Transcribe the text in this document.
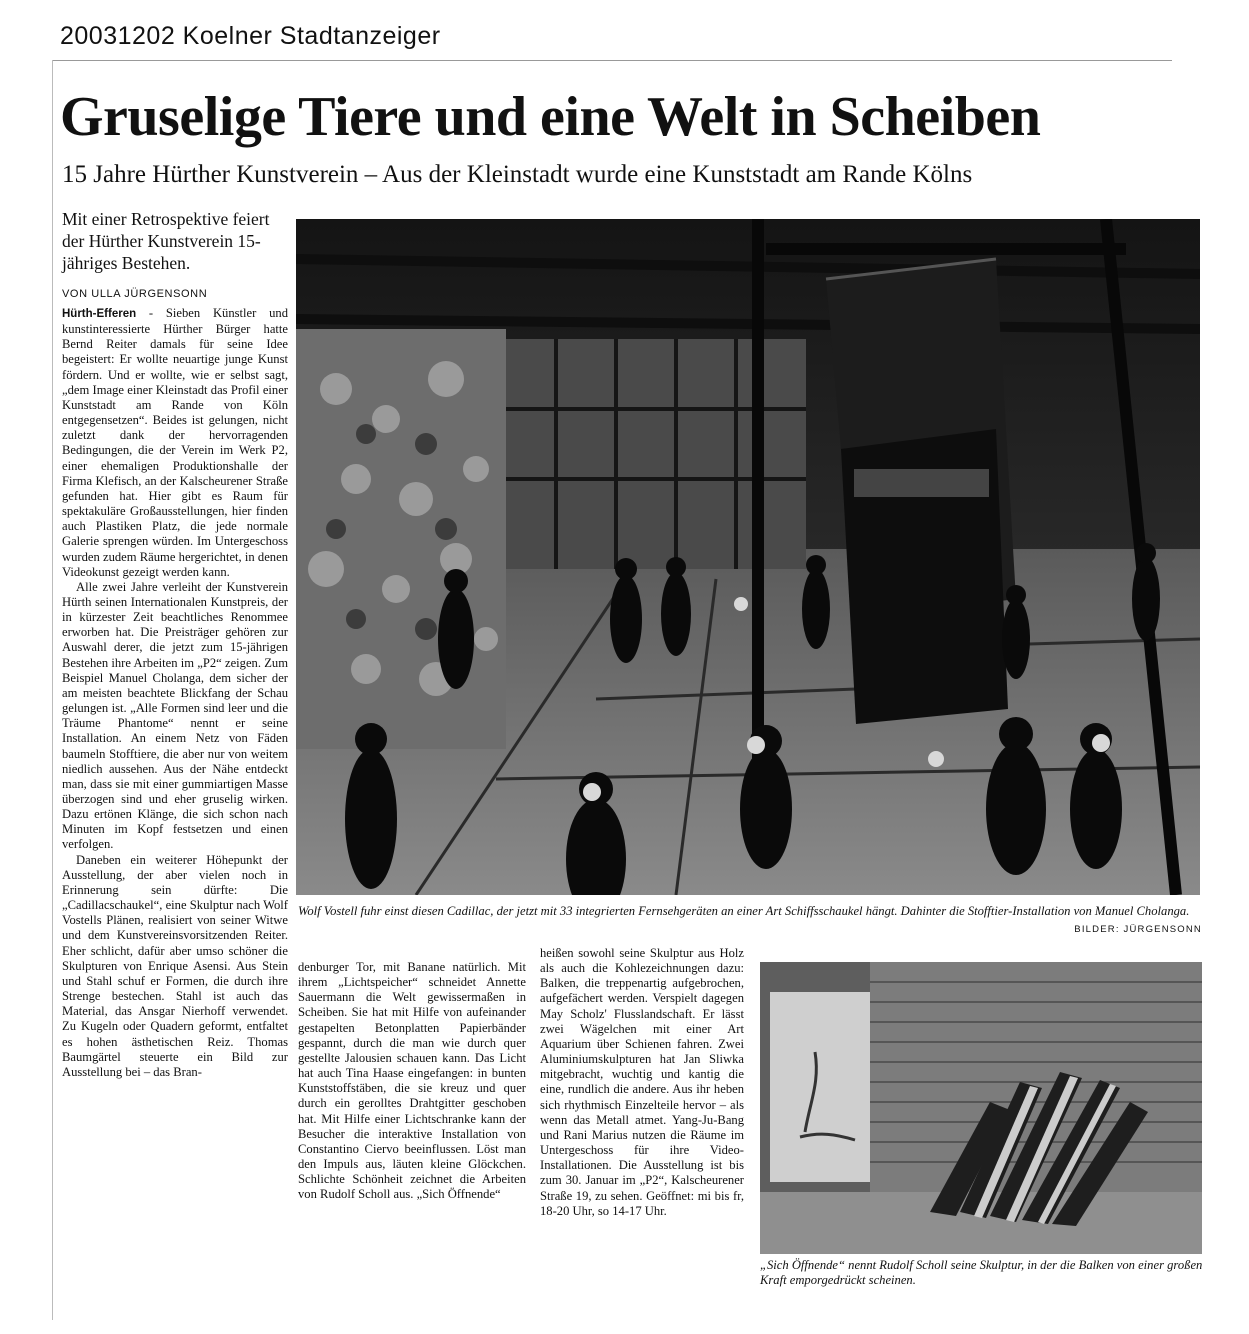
20031202 Koelner Stadtanzeiger
Gruselige Tiere und eine Welt in Scheiben
15 Jahre Hürther Kunstverein – Aus der Kleinstadt wurde eine Kunststadt am Rande Kölns
Mit einer Retrospektive feiert der Hürther Kunstverein 15-jähriges Bestehen.
VON ULLA JÜRGENSONN

Hürth-Efferen - Sieben Künstler und kunstinteressierte Hürther Bürger hatte Bernd Reiter damals für seine Idee begeistert: Er wollte neuartige junge Kunst fördern. Und er wollte, wie er selbst sagt, „dem Image einer Kleinstadt das Profil einer Kunststadt am Rande von Köln entgegensetzen“. Beides ist gelungen, nicht zuletzt dank der hervorragenden Bedingungen, die der Verein im Werk P2, einer ehemaligen Produktionshalle der Firma Klefisch, an der Kalscheurener Straße gefunden hat. Hier gibt es Raum für spektakuläre Großausstellungen, hier finden auch Plastiken Platz, die jede normale Galerie sprengen würden. Im Untergeschoss wurden zudem Räume hergerichtet, in denen Videokunst gezeigt werden kann.

Alle zwei Jahre verleiht der Kunstverein Hürth seinen Internationalen Kunstpreis, der in kürzester Zeit beachtliches Renommee erworben hat. Die Preisträger gehören zur Auswahl derer, die jetzt zum 15-jährigen Bestehen ihre Arbeiten im „P2“ zeigen. Zum Beispiel Manuel Cholanga, dem sicher der am meisten beachtete Blickfang der Schau gelungen ist. „Alle Formen sind leer und die Träume Phantome“ nennt er seine Installation. An einem Netz von Fäden baumeln Stofftiere, die aber nur von weitem niedlich aussehen. Aus der Nähe entdeckt man, dass sie mit einer gummiartigen Masse überzogen sind und eher gruselig wirken. Dazu ertönen Klänge, die sich schon nach Minuten im Kopf festsetzen und einen verfolgen.

Daneben ein weiterer Höhepunkt der Ausstellung, der aber vielen noch in Erinnerung sein dürfte: Die „Cadillacschaukel“, eine Skulptur nach Wolf Vostells Plänen, realisiert von seiner Witwe und dem Kunstvereinsvorsitzenden Reiter. Eher schlicht, dafür aber umso schöner die Skulpturen von Enrique Asensi. Aus Stein und Stahl schuf er Formen, die durch ihre Strenge bestechen. Stahl ist auch das Material, das Ansgar Nierhoff verwendet. Zu Kugeln oder Quadern geformt, entfaltet es hohen ästhetischen Reiz. Thomas Baumgärtel steuerte ein Bild zur Ausstellung bei – das Bran-

denburger Tor, mit Banane natürlich. Mit ihrem „Lichtspeicher“ schneidet Annette Sauermann die Welt gewissermaßen in Scheiben. Sie hat mit Hilfe von aufeinander gestapelten Betonplatten Papierbänder gespannt, durch die man wie durch quer gestellte Jalousien schauen kann. Das Licht hat auch Tina Haase eingefangen: in bunten Kunststoffstäben, die sie kreuz und quer durch ein gerolltes Drahtgitter geschoben hat. Mit Hilfe einer Lichtschranke kann der Besucher die interaktive Installation von Constantino Ciervo beeinflussen. Löst man den Impuls aus, läuten kleine Glöckchen. Schlichte Schönheit zeichnet die Arbeiten von Rudolf Scholl aus. „Sich Öffnende“

heißen sowohl seine Skulptur aus Holz als auch die Kohlezeichnungen dazu: Balken, die treppenartig aufgebrochen, aufgefächert werden. Verspielt dagegen May Scholz' Flusslandschaft. Er lässt zwei Wägelchen mit einer Art Aquarium über Schienen fahren. Zwei Aluminiumskulpturen hat Jan Sliwka mitgebracht, wuchtig und kantig die eine, rundlich die andere. Aus ihr heben sich rhythmisch Einzelteile hervor – als wenn das Metall atmet. Yang-Ju-Bang und Rani Marius nutzen die Räume im Untergeschoss für ihre Video-Installationen. Die Ausstellung ist bis zum 30. Januar im „P2“, Kalscheurener Straße 19, zu sehen. Geöffnet: mi bis fr, 18-20 Uhr, so 14-17 Uhr.

Wolf Vostell fuhr einst diesen Cadillac, der jetzt mit 33 integrierten Fernsehgeräten an einer Art Schiffsschaukel hängt. Dahinter die Stofftier-Installation von Manuel Cholanga.
BILDER: JÜRGENSONN
„Sich Öffnende“ nennt Rudolf Scholl seine Skulptur, in der die Balken von einer großen Kraft emporgedrückt scheinen.
